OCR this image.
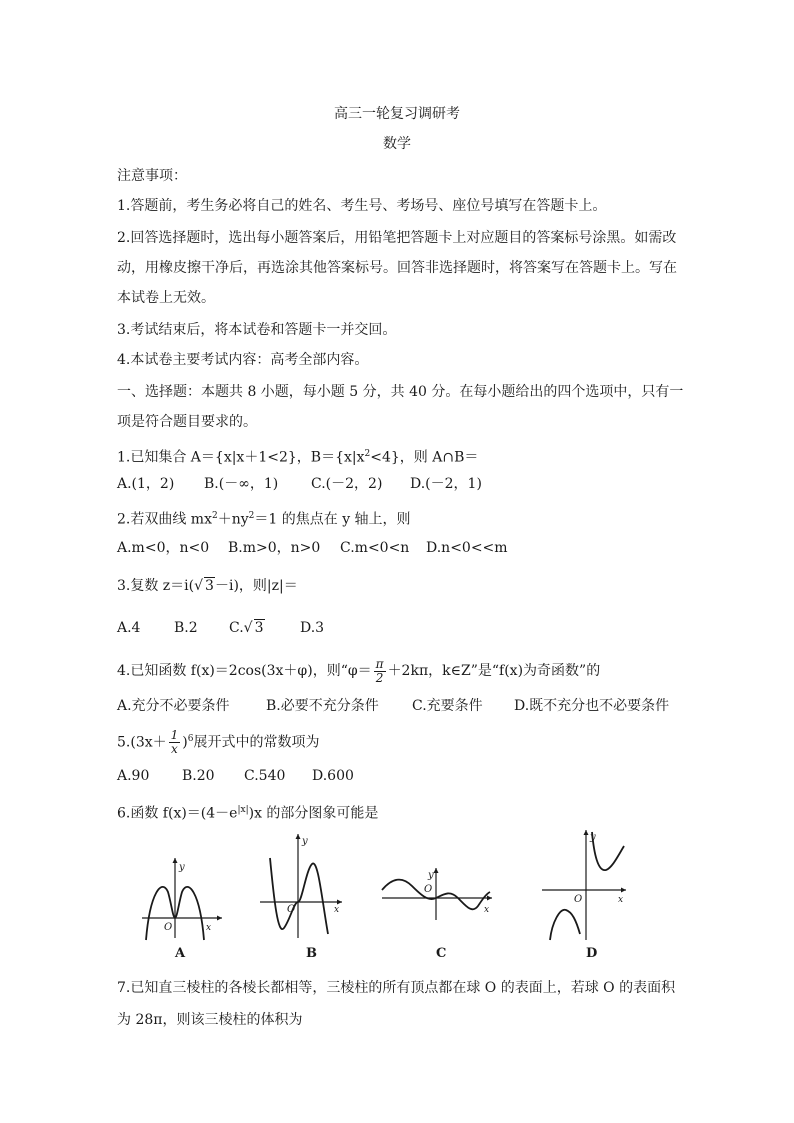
高三一轮复习调研考
数学
注意事项：
1.答题前，考生务必将自己的姓名、考生号、考场号、座位号填写在答题卡上。
2.回答选择题时，选出每小题答案后，用铅笔把答题卡上对应题目的答案标号涂黑。如需改
动，用橡皮擦干净后，再选涂其他答案标号。回答非选择题时，将答案写在答题卡上。写在
本试卷上无效。
3.考试结束后，将本试卷和答题卡一并交回。
4.本试卷主要考试内容：高考全部内容。
一、选择题：本题共 8 小题，每小题 5 分，共 40 分。在每小题给出的四个选项中，只有一
项是符合题目要求的。
1.已知集合 A＝{x|x＋1<2}，$B=\{x|x^2<4\}$，则 A∩B＝
A.(1，2) B.(－∞，1) C.(－2，2) D.(－2，1)
2.若双曲线 $mx^2+ny^2=1$ 的焦点在 y 轴上，则
A.m<0，n<0 B.m>0，n>0 C.m<0<n D.n<0<<m
3.复数 z＝i(√ 3－i)，则|z|＝
A.4 B.2 C.√ 3	D.3
4.已知函数 f(x)＝2cos(3x＋φ)，则“$\varphi= \frac{\pi}{2} +2k\pi$，k∈Z”是“f(x)为奇函数”的
A.充分不必要条件	B.必要不充分条件 C.充要条件 D.既不充分也不必要条件
$5.(3x+ \frac{1}{x} )^6$展开式中的常数项为
A.90 B.20 C.540 D.600
6.函数 $f(x)=(4-e^{|x|})x$ 的部分图象可能是
y
x
O
A
y
x
O
B
y
x
O
C
y
x
O
D
7.已知直三棱柱的各棱长都相等，三棱柱的所有顶点都在球 O 的表面上，若球 O 的表面积
为 28π，则该三棱柱的体积为
